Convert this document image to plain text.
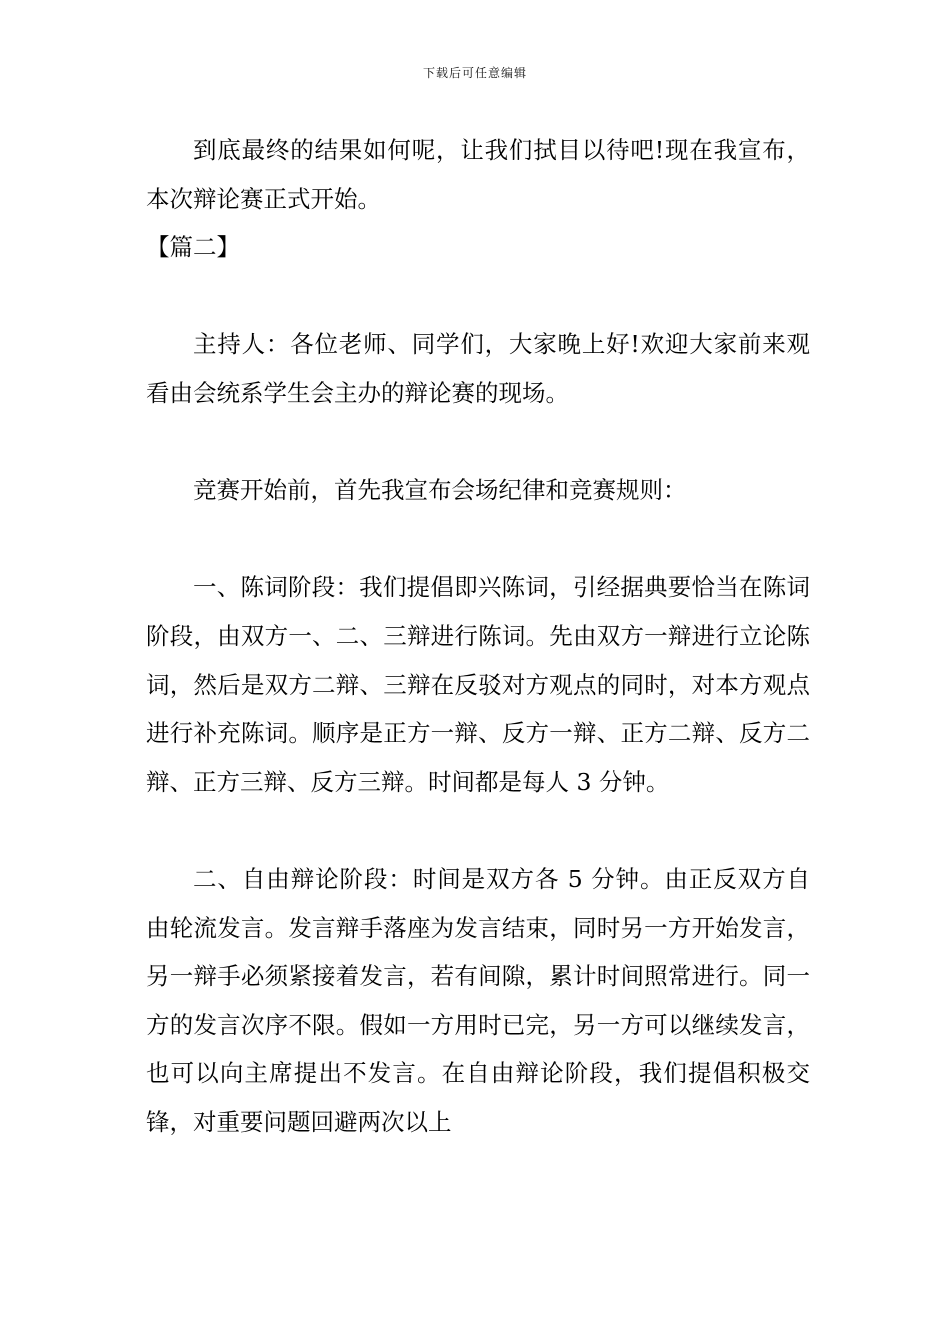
下载后可任意编辑

到底最终的结果如何呢，让我们拭目以待吧!现在我宣布，本次辩论赛正式开始。

【篇二】

主持人：各位老师、同学们，大家晚上好!欢迎大家前来观看由会统系学生会主办的辩论赛的现场。

竞赛开始前，首先我宣布会场纪律和竞赛规则：

一、陈词阶段：我们提倡即兴陈词，引经据典要恰当在陈词阶段，由双方一、二、三辩进行陈词。先由双方一辩进行立论陈词，然后是双方二辩、三辩在反驳对方观点的同时，对本方观点进行补充陈词。顺序是正方一辩、反方一辩、正方二辩、反方二辩、正方三辩、反方三辩。时间都是每人 3 分钟。

二、自由辩论阶段：时间是双方各 5 分钟。由正反双方自由轮流发言。发言辩手落座为发言结束，同时另一方开始发言，另一辩手必须紧接着发言，若有间隙，累计时间照常进行。同一方的发言次序不限。假如一方用时已完，另一方可以继续发言，也可以向主席提出不发言。在自由辩论阶段，我们提倡积极交锋，对重要问题回避两次以上
